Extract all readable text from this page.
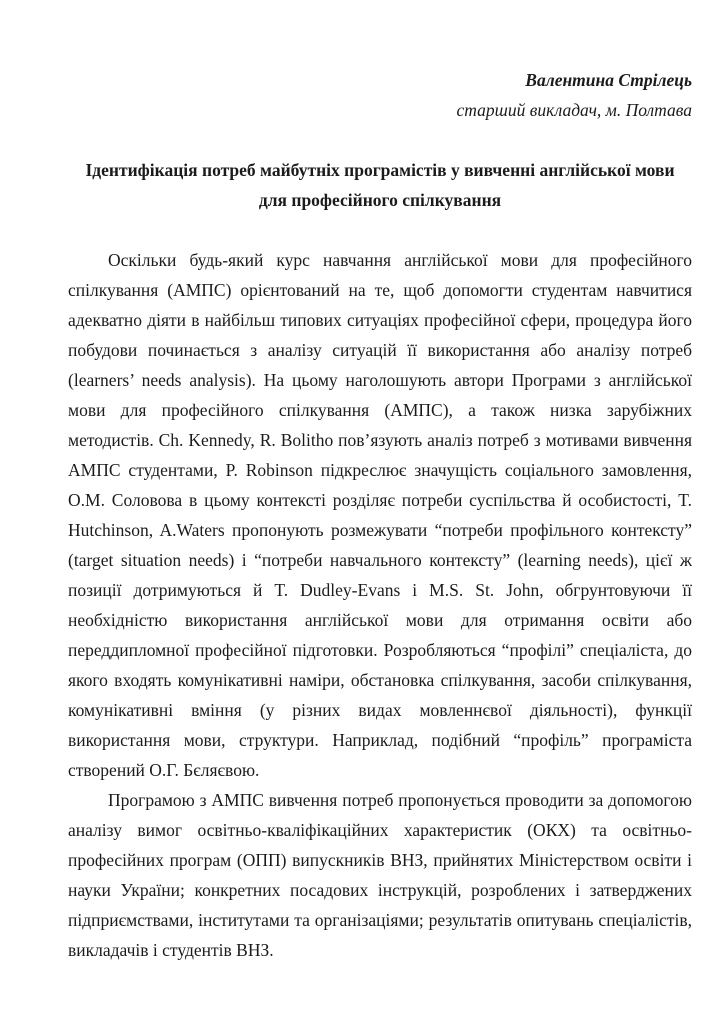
Валентина Стрілець
старший викладач, м. Полтава
Ідентифікація потреб майбутніх програмістів у вивченні англійської мови
для професійного спілкування

Оскільки будь-який курс навчання англійської мови для професійного спілкування (АМПС) орієнтований на те, щоб допомогти студентам навчитися адекватно діяти в найбільш типових ситуаціях професійної сфери, процедура його побудови починається з аналізу ситуацій її використання або аналізу потреб (learners’ needs analysis). На цьому наголошують автори Програми з англійської мови для професійного спілкування (АМПС), а також низка зарубіжних методистів. Ch. Kennedy, R. Bolitho пов’язують аналіз потреб з мотивами вивчення АМПС студентами, P. Robinson підкреслює значущість соціального замовлення, О.М. Соловова в цьому контексті розділяє потреби суспільства й особистості, T. Hutchinson, A.Waters пропонують розмежувати “потреби профільного контексту” (target situation needs) і “потреби навчального контексту” (learning needs), цієї ж позиції дотримуються й T. Dudley-Evans і M.S. St. John, обгрунтовуючи її необхідністю використання англійської мови для отримання освіти або переддипломної професійної підготовки. Розробляються “профілі” спеціаліста, до якого входять комунікативні наміри, обстановка спілкування, засоби спілкування, комунікативні вміння (у різних видах мовленнєвої діяльності), функції використання мови, структури. Наприклад, подібний “профіль” програміста створений О.Г. Бєляєвою.

Програмою з АМПС вивчення потреб пропонується проводити за допомогою аналізу вимог освітньо-кваліфікаційних характеристик (ОКХ) та освітньо-професійних програм (ОПП) випускників ВНЗ, прийнятих Міністерством освіти і науки України; конкретних посадових інструкцій, розроблених і затверджених підприємствами, інститутами та організаціями; результатів опитувань спеціалістів, викладачів і студентів ВНЗ.
